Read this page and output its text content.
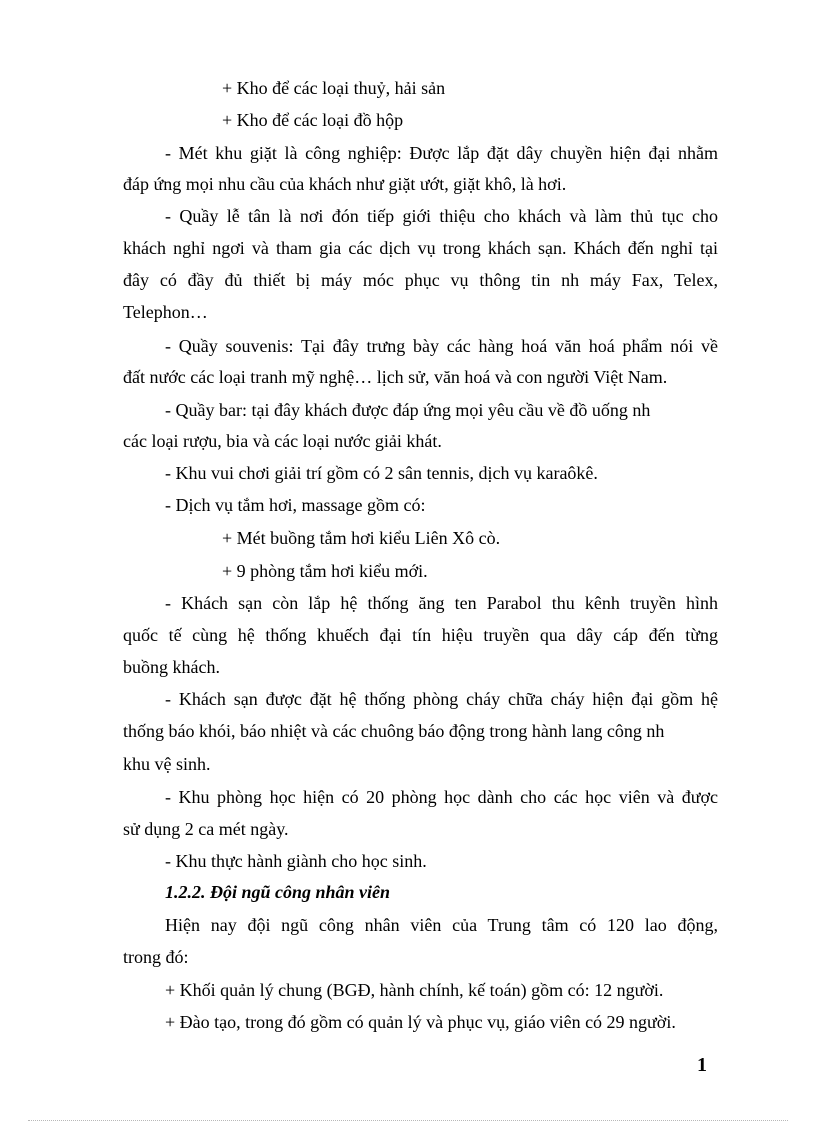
+ Kho để các loại thuỷ, hải sản
+ Kho để các loại đồ hộp
- Mét khu giặt là công nghiệp: Được lắp đặt dây chuyền hiện đại nhằm
đáp ứng mọi nhu cầu của khách như giặt ướt, giặt khô, là hơi.
- Quầy lễ tân là nơi đón tiếp giới thiệu cho khách và làm thủ tục cho
khách nghỉ ngơi và tham gia các dịch vụ trong khách sạn. Khách đến nghỉ tại
đây có đầy đủ thiết bị máy móc phục vụ thông tin nh máy Fax, Telex,
Telephon…
- Quầy souvenis: Tại đây trưng bày các hàng hoá văn hoá phẩm nói về
đất nước các loại tranh mỹ nghệ… lịch sử, văn hoá và con người Việt Nam.
- Quầy bar: tại đây khách được đáp ứng mọi yêu cầu về đồ uống nh
các loại rượu, bia và các loại nước giải khát.
- Khu vui chơi giải trí gồm có 2 sân tennis, dịch vụ karaôkê.
- Dịch vụ tắm hơi, massage gồm có:
+ Mét buồng tắm hơi kiểu Liên Xô cò.
+ 9 phòng tắm hơi kiểu mới.
- Khách sạn còn lắp hệ thống ăng ten Parabol thu kênh truyền hình
quốc tế cùng hệ thống khuếch đại tín hiệu truyền qua dây cáp đến từng
buồng khách.
- Khách sạn được đặt hệ thống phòng cháy chữa cháy hiện đại gồm hệ
thống báo khói, báo nhiệt và các chuông báo động trong hành lang công nh
khu vệ sinh.
- Khu phòng học hiện có 20 phòng học dành cho các học viên và được
sử dụng 2 ca mét ngày.
- Khu thực hành giành cho học sinh.
1.2.2. Đội ngũ công nhân viên
Hiện nay đội ngũ công nhân viên của Trung tâm có 120 lao động,
trong đó:
+ Khối quản lý chung (BGĐ, hành chính, kế toán) gồm có: 12 người.
+ Đào tạo, trong đó gồm có quản lý và phục vụ, giáo viên có 29 người.
1
